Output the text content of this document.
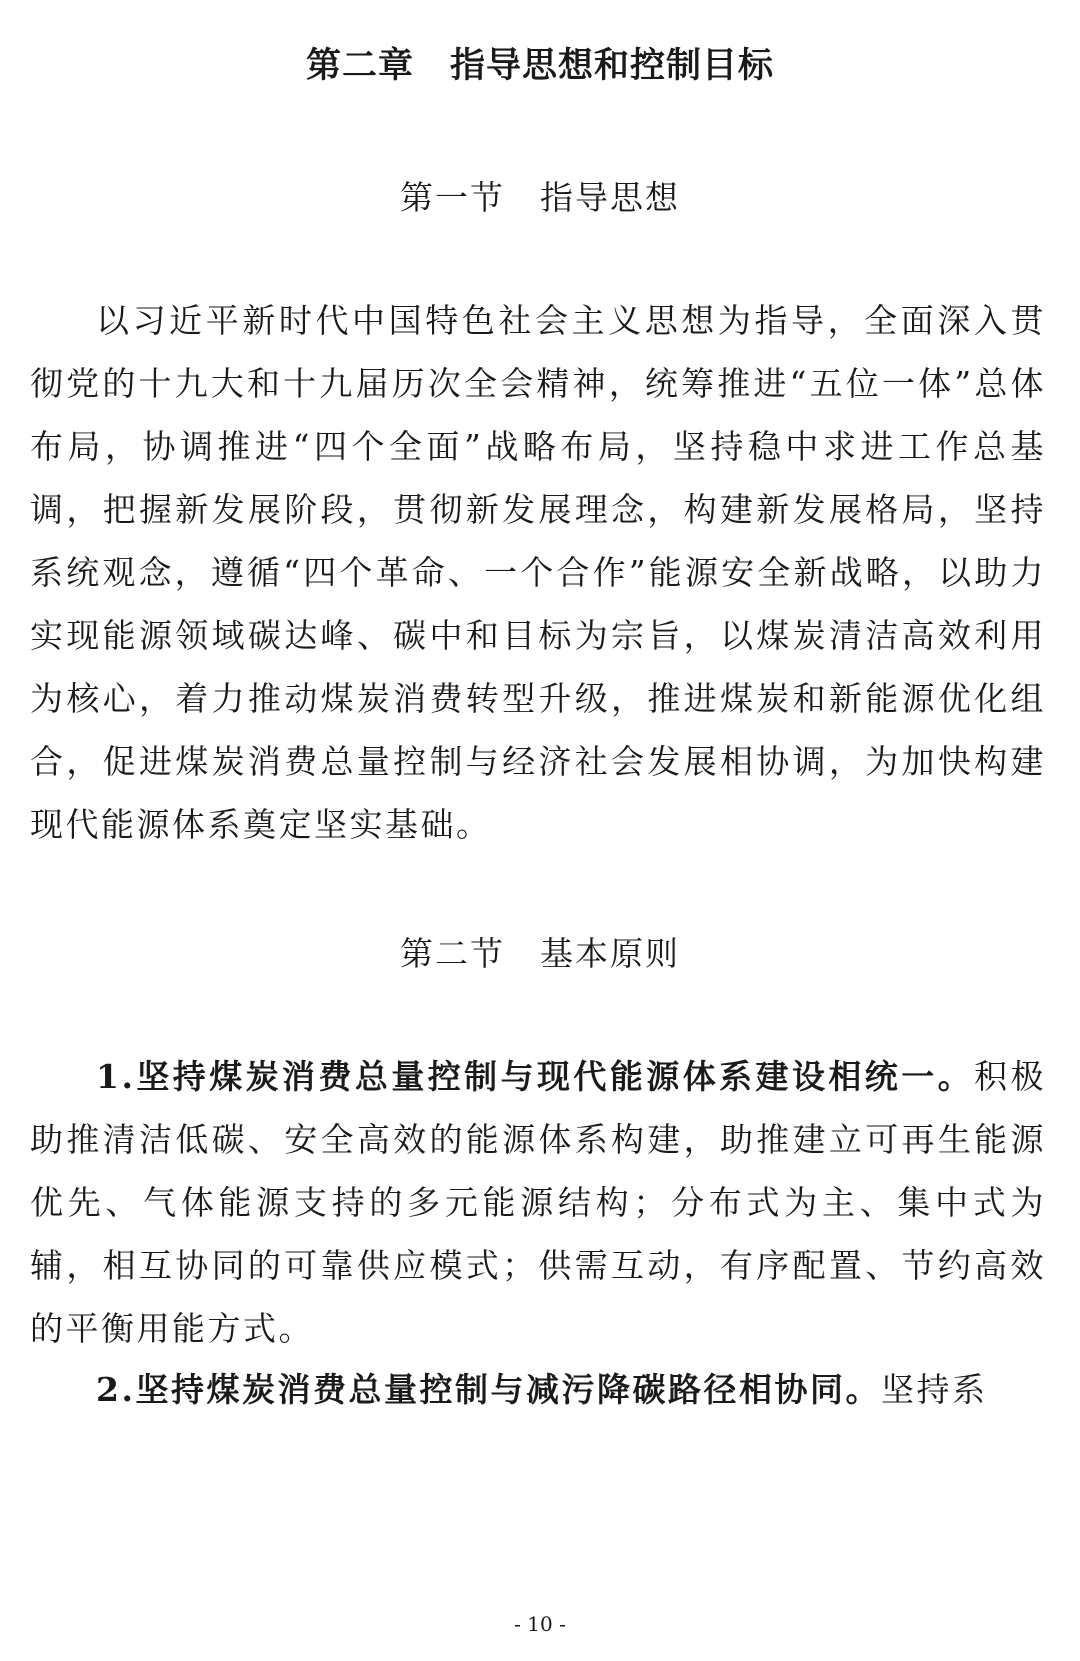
第二章　指导思想和控制目标
第一节　指导思想

以习近平新时代中国特色社会主义思想为指导，全面深入贯彻党的十九大和十九届历次全会精神，统筹推进“五位一体”总体布局，协调推进“四个全面”战略布局，坚持稳中求进工作总基调，把握新发展阶段，贯彻新发展理念，构建新发展格局，坚持系统观念，遵循“四个革命、一个合作”能源安全新战略，以助力实现能源领域碳达峰、碳中和目标为宗旨，以煤炭清洁高效利用为核心，着力推动煤炭消费转型升级，推进煤炭和新能源优化组合，促进煤炭消费总量控制与经济社会发展相协调，为加快构建现代能源体系奠定坚实基础。

第二节　基本原则

1.坚持煤炭消费总量控制与现代能源体系建设相统一。积极助推清洁低碳、安全高效的能源体系构建，助推建立可再生能源优先、气体能源支持的多元能源结构；分布式为主、集中式为辅，相互协同的可靠供应模式；供需互动，有序配置、节约高效的平衡用能方式。

2.坚持煤炭消费总量控制与减污降碳路径相协同。坚持系

- 10 -
